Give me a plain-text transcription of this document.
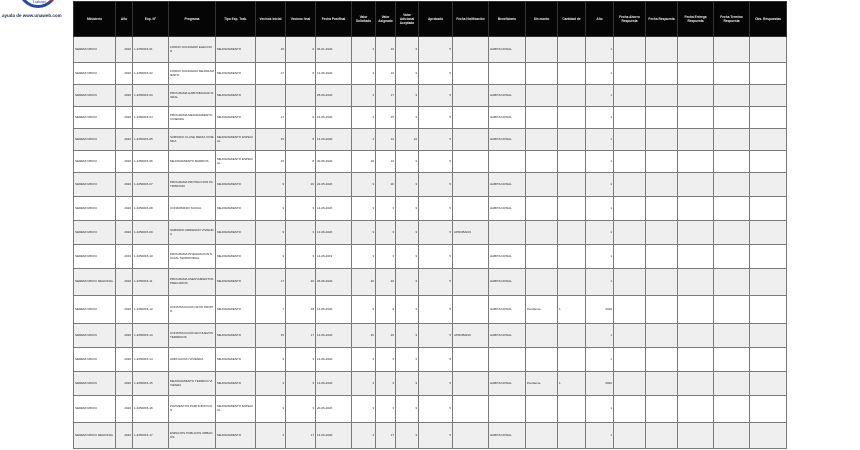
Trabajo
ayuda de www.unaweb.com
Ministerio	Año	Exp. N°	Programa	Tipo Exp. Trab.	Vecinos inicial	Vecinos final	Fecha Postfinal	Valor Solicitado	Valor Asignado	Valor Adicional Aceptado	Aprobado	Fecha Notificación	Beneficiario	Sin monto	Cantidad de	Año	Fecha Ahorro Respuesta	Fecha Respuesta	Fecha Entrega Respuesta	Fecha Termino Respuesta	Obs. Respuestas
SEREMI MINVU	2020	1-3250015-01	FONDO SOLIDARIO ELECCION	MEJORAMIENTO	15	9	06-01-2020	3	10	3	5		HABITACIONAL			1					
SEREMI MINVU	2020	1-3250015-02	FONDO SOLIDARIO MEJORAMIENTO	MEJORAMIENTO	17	9	13-06-2020	3	10	3	5					1					
SEREMI MINVU	2020	1-3250015-03	PROGRAMA HABITABILIDAD RURAL	MEJORAMIENTO			25-06-2020	3	17	3	5		HABITACIONAL			1					
SEREMI MINVU	2020	1-3250015-04	PROGRAMA MEJORAMIENTO VIVIENDA	MEJORAMIENTO	17	9	15-06-2020	3	15	3	5		HABITACIONAL			1					
SEREMI MINVU	2020	1-3250015-05	SUBSIDIO CLASE MEDIA VIVIENDA	MEJORAMIENTO ESPECIAL	15	8	14-06-2020	3	12	10	5		HABITACIONAL			1					
SEREMI MINVU	2020	1-3250015-06	MEJORAMIENTO BARRIOS	MEJORAMIENTO ESPECIAL	15	8	20-06-2020	20	10	3	5					1					
SEREMI MINVU	2020	1-3250015-07	PROGRAMA PROTECCION PATRIMONIO	MEJORAMIENTO	3	20	22-05-2020	3	20	3	5		HABITACIONAL			1					
SEREMI MINVU	2020	1-3250015-08	CONDOMINIO SOCIAL	MEJORAMIENTO	3	3	14-06-2020	3	3	3	5		HABITACIONAL			1					
SEREMI MINVU	2020	1-3250015-09	SUBSIDIO ARRIENDO VIVIENDA	MEJORAMIENTO	3	3	13-06-2020	3	3	3	5	APROBADO				1					
SEREMI MINVU	2019	1-3250015-10	PROGRAMA INTEGRACION SOCIAL TERRITORIAL	MEJORAMIENTO	3	3	14-06-2019	3	3	3	5		HABITACIONAL			1					
SEREMI MINVU REGIONAL	2020	1-3250015-11	PROGRAMA ASENTAMIENTOS PRECARIOS	MEJORAMIENTO	17	20	26-06-2020	20	20	3	5		HABITACIONAL			1					
SEREMI MINVU	2020	1-3250015-12	CONSTRUCCION SITIO PROPIO	MEJORAMIENTO	7	18	14-06-2020	9	9	3	5		HABITACIONAL	Pendiente	1	2020					
SEREMI MINVU	2020	1-3250015-13	CONSTRUCCION EN NUEVOS TERRENOS	MEJORAMIENTO	15	17	14-06-2020	20	20	3	5	APROBADO	HABITACIONAL			1					
SEREMI MINVU	2020	1-3250015-14	AMPLIACION VIVIENDA	MEJORAMIENTO	3	3	13-06-2020	3	3	3	5					1					
SEREMI MINVU	2020	1-3250015-15	MEJORAMIENTO TERMICO VIVIENDA	MEJORAMIENTO	3	3	13-06-2020	3	3	3	5		HABITACIONAL	Pendiente	1	2020					
SEREMI MINVU	2020	1-3250015-16	PAVIMENTOS PARTICIPATIVOS	MEJORAMIENTO ESPECIAL	3	3	20-06-2020	3	3	3	5					1					
SEREMI MINVU REGIONAL	2020	1-3250015-17	ESPACIOS PUBLICOS URBANOS	MEJORAMIENTO	3	17	13-06-2020	3	17	3	5		HABITACIONAL			1					
